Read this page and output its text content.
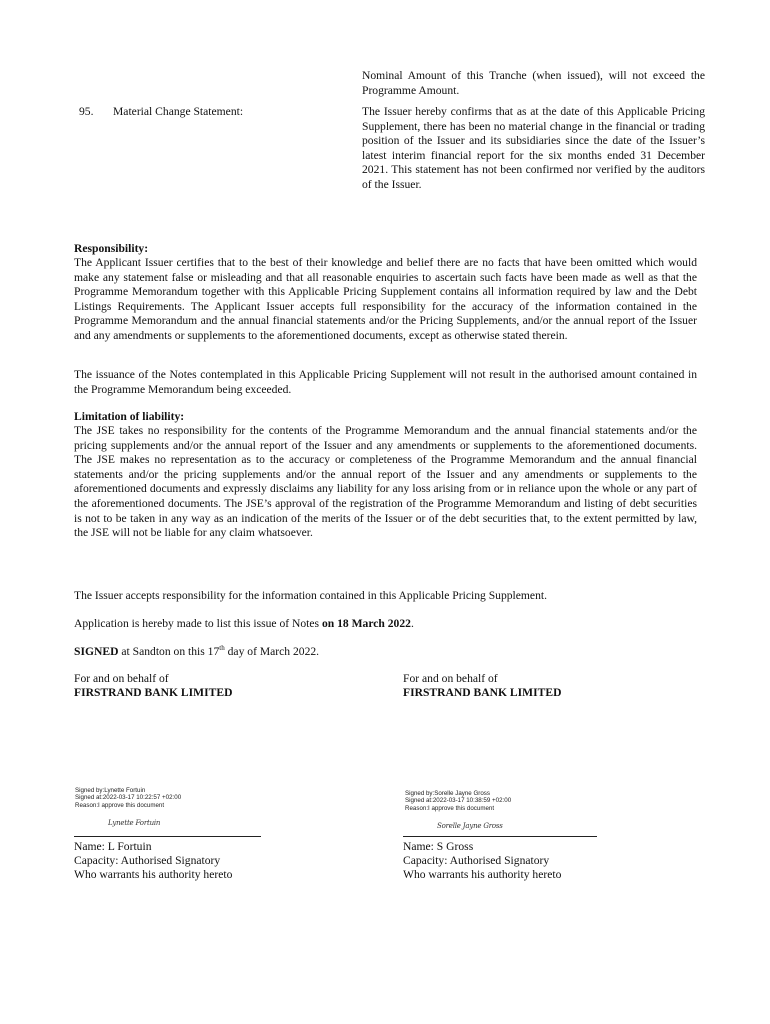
Nominal Amount of this Tranche (when issued), will not exceed the Programme Amount.

95. Material Change Statement:	The Issuer hereby confirms that as at the date of this Applicable Pricing Supplement, there has been no material change in the financial or trading position of the Issuer and its subsidiaries since the date of the Issuer’s latest interim financial report for the six months ended 31 December 2021. This statement has not been confirmed nor verified by the auditors of the Issuer.

Responsibility:

The Applicant Issuer certifies that to the best of their knowledge and belief there are no facts that have been omitted which would make any statement false or misleading and that all reasonable enquiries to ascertain such facts have been made as well as that the Programme Memorandum together with this Applicable Pricing Supplement contains all information required by law and the Debt Listings Requirements. The Applicant Issuer accepts full responsibility for the accuracy of the information contained in the Programme Memorandum and the annual financial statements and/or the Pricing Supplements, and/or the annual report of the Issuer and any amendments or supplements to the aforementioned documents, except as otherwise stated therein.

The issuance of the Notes contemplated in this Applicable Pricing Supplement will not result in the authorised amount contained in the Programme Memorandum being exceeded.

Limitation of liability:

The JSE takes no responsibility for the contents of the Programme Memorandum and the annual financial statements and/or the pricing supplements and/or the annual report of the Issuer and any amendments or supplements to the aforementioned documents. The JSE makes no representation as to the accuracy or completeness of the Programme Memorandum and the annual financial statements and/or the pricing supplements and/or the annual report of the Issuer and any amendments or supplements to the aforementioned documents and expressly disclaims any liability for any loss arising from or in reliance upon the whole or any part of the aforementioned documents. The JSE’s approval of the registration of the Programme Memorandum and listing of debt securities is not to be taken in any way as an indication of the merits of the Issuer or of the debt securities that, to the extent permitted by law, the JSE will not be liable for any claim whatsoever.

The Issuer accepts responsibility for the information contained in this Applicable Pricing Supplement.

Application is hereby made to list this issue of Notes on 18 March 2022.

SIGNED at Sandton on this 17th day of March 2022.

For and on behalf of
FIRSTRAND BANK LIMITED
Signed by:Lynette Fortuin
Signed at:2022-03-17 10:22:57 +02:00
Reason:I approve this document
Lynette Fortuin
Name: L Fortuin
Capacity: Authorised Signatory
Who warrants his authority hereto
For and on behalf of
FIRSTRAND BANK LIMITED
Signed by:Sorelle Jayne Gross
Signed at:2022-03-17 10:38:59 +02:00
Reason:I approve this document
Sorelle Jayne Gross
Name: S Gross
Capacity: Authorised Signatory
Who warrants his authority hereto
